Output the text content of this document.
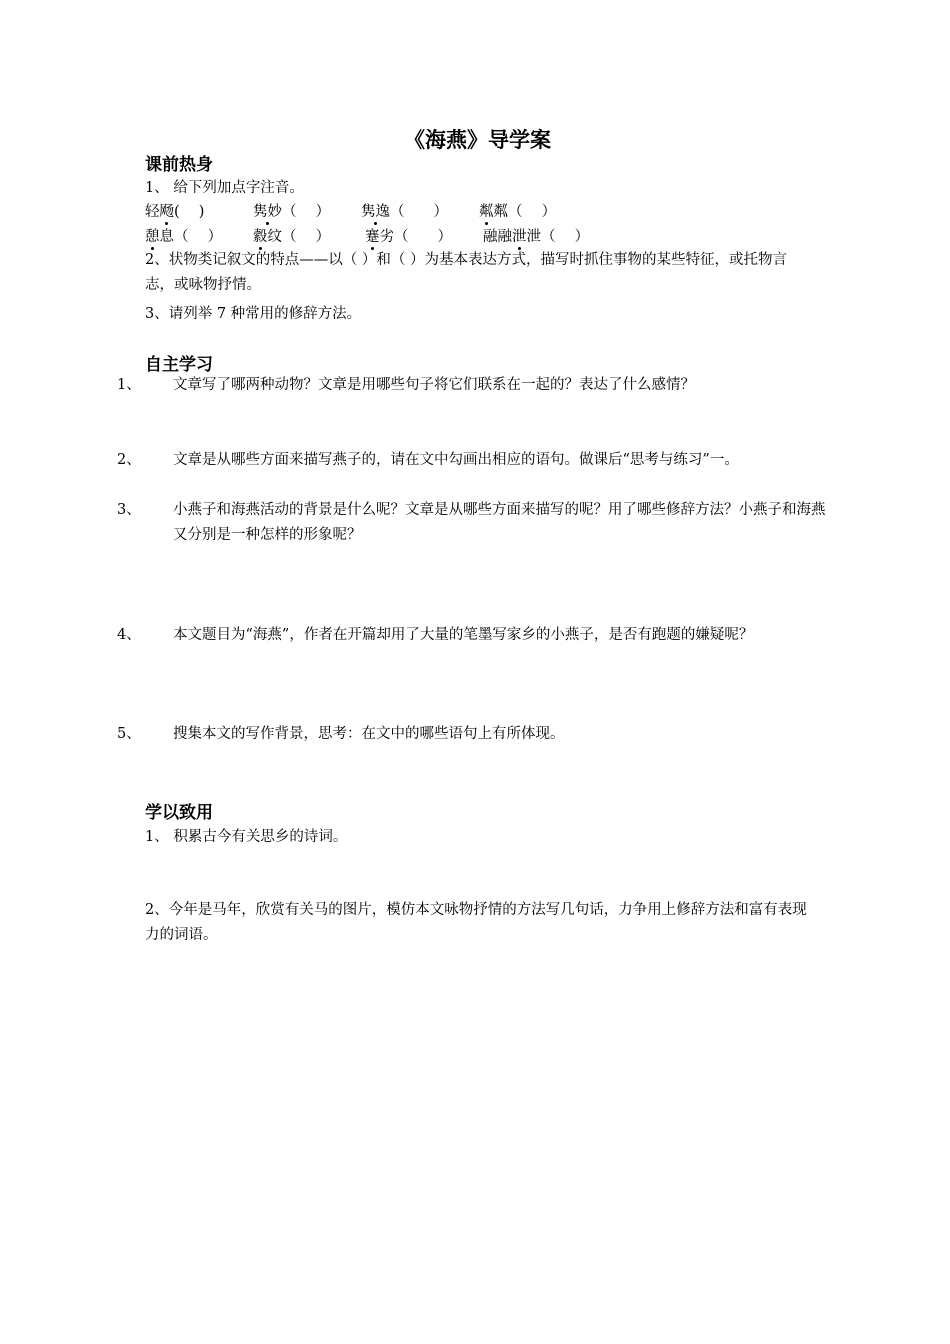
《海燕》导学案
课前热身
1、 给下列加点字注音。
轻飏(　 )	隽妙（　 ） 隽逸（　　） 粼粼（　 ）
憩息（　 ） 縠纹（　 ） 蹇劣（　　） 融融泄泄（　 ）
2、状物类记叙文的特点——以（ ）和（ ）为基本表达方式，描写时抓住事物的某些特征，或托物言志，或咏物抒情。
3、请列举 7 种常用的修辞方法。
自主学习
1、 文章写了哪两种动物？文章是用哪些句子将它们联系在一起的？表达了什么感情？
2、 文章是从哪些方面来描写燕子的，请在文中勾画出相应的语句。做课后“思考与练习”一。
3、 小燕子和海燕活动的背景是什么呢？文章是从哪些方面来描写的呢？用了哪些修辞方法？小燕子和海燕又分别是一种怎样的形象呢？
4、 本文题目为“海燕”，作者在开篇却用了大量的笔墨写家乡的小燕子，是否有跑题的嫌疑呢？
5、 搜集本文的写作背景，思考：在文中的哪些语句上有所体现。
学以致用
1、 积累古今有关思乡的诗词。
2、今年是马年，欣赏有关马的图片，模仿本文咏物抒情的方法写几句话，力争用上修辞方法和富有表现力的词语。
